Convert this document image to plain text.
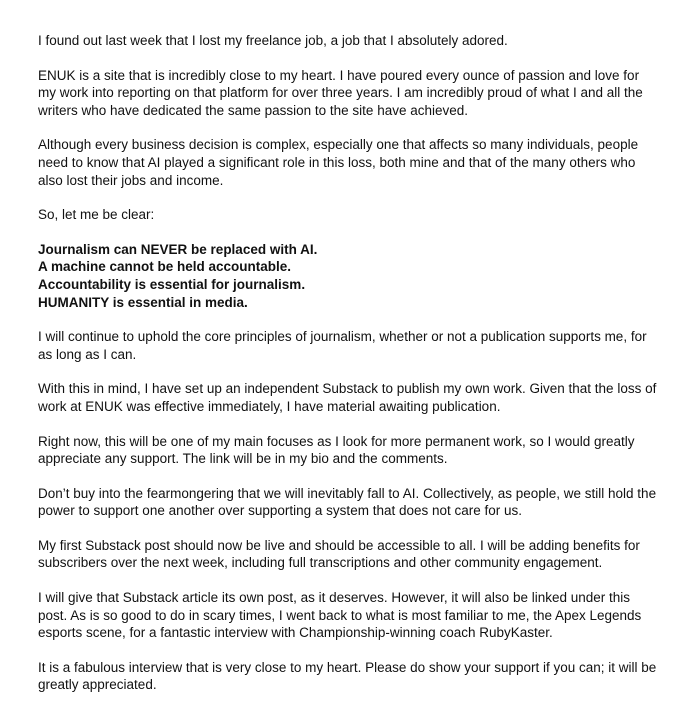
I found out last week that I lost my freelance job, a job that I absolutely adored.

ENUK is a site that is incredibly close to my heart. I have poured every ounce of passion and love for my work into reporting on that platform for over three years. I am incredibly proud of what I and all the writers who have dedicated the same passion to the site have achieved.

Although every business decision is complex, especially one that affects so many individuals, people need to know that AI played a significant role in this loss, both mine and that of the many others who also lost their jobs and income.

So, let me be clear:

Journalism can NEVER be replaced with AI.
A machine cannot be held accountable.
Accountability is essential for journalism.
HUMANITY is essential in media.

I will continue to uphold the core principles of journalism, whether or not a publication supports me, for as long as I can.

With this in mind, I have set up an independent Substack to publish my own work. Given that the loss of work at ENUK was effective immediately, I have material awaiting publication.

Right now, this will be one of my main focuses as I look for more permanent work, so I would greatly appreciate any support. The link will be in my bio and the comments.

Don’t buy into the fearmongering that we will inevitably fall to AI. Collectively, as people, we still hold the power to support one another over supporting a system that does not care for us.

My first Substack post should now be live and should be accessible to all. I will be adding benefits for subscribers over the next week, including full transcriptions and other community engagement.

I will give that Substack article its own post, as it deserves. However, it will also be linked under this post. As is so good to do in scary times, I went back to what is most familiar to me, the Apex Legends esports scene, for a fantastic interview with Championship-winning coach RubyKaster.

It is a fabulous interview that is very close to my heart. Please do show your support if you can; it will be greatly appreciated.
